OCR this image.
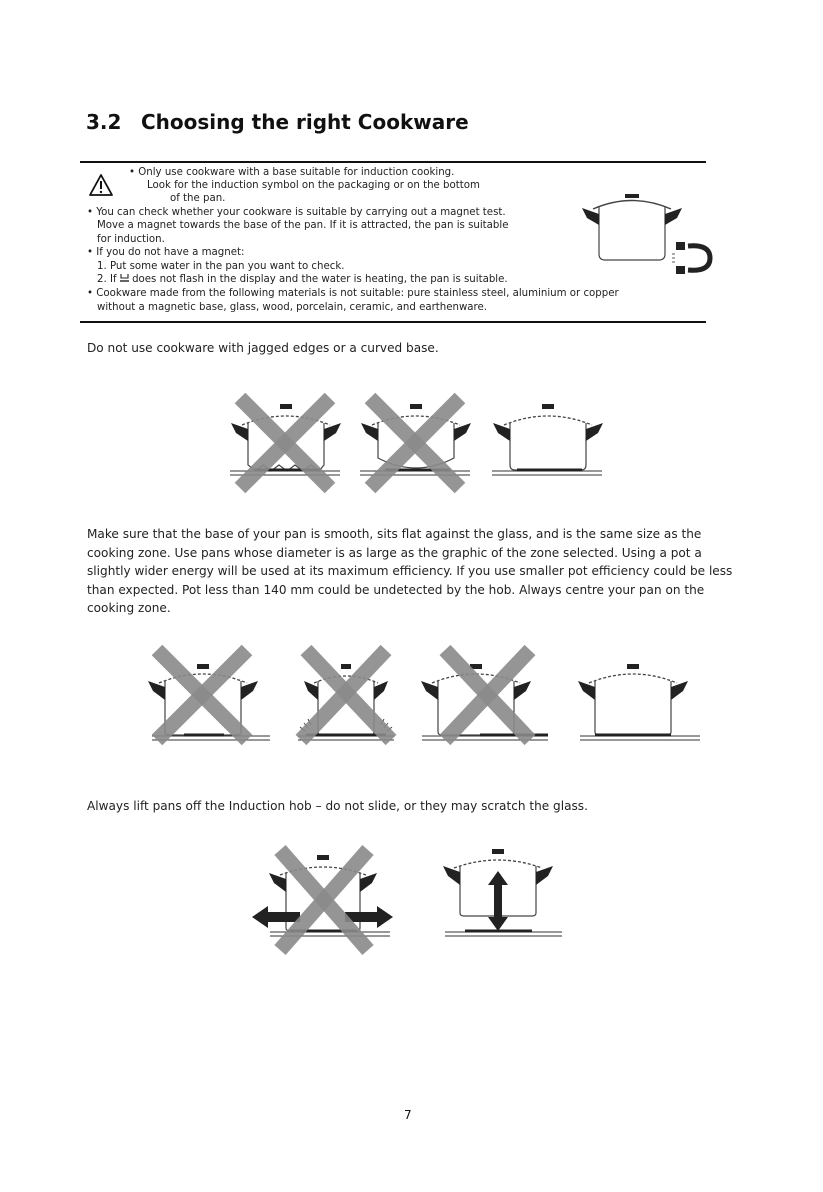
3.2 Choosing the right Cookware
• Only use cookware with a base suitable for induction cooking.
Look for the induction symbol on the packaging or on the bottom
of the pan.
• You can check whether your cookware is suitable by carrying out a magnet test.
Move a magnet towards the base of the pan. If it is attracted, the pan is suitable
for induction.
• If you do not have a magnet:
1. Put some water in the pan you want to check.
2. If does not flash in the display and the water is heating, the pan is suitable.
• Cookware made from the following materials is not suitable: pure stainless steel, aluminium or copper
without a magnetic base, glass, wood, porcelain, ceramic, and earthenware.
Do not use cookware with jagged edges or a curved base.
Make sure that the base of your pan is smooth, sits flat against the glass, and is the same size as the
cooking zone. Use pans whose diameter is as large as the graphic of the zone selected. Using a pot a
slightly wider energy will be used at its maximum efficiency. If you use smaller pot efficiency could be less
than expected. Pot less than 140 mm could be undetected by the hob. Always centre your pan on the
cooking zone.
Always lift pans off the Induction hob – do not slide, or they may scratch the glass.
7
